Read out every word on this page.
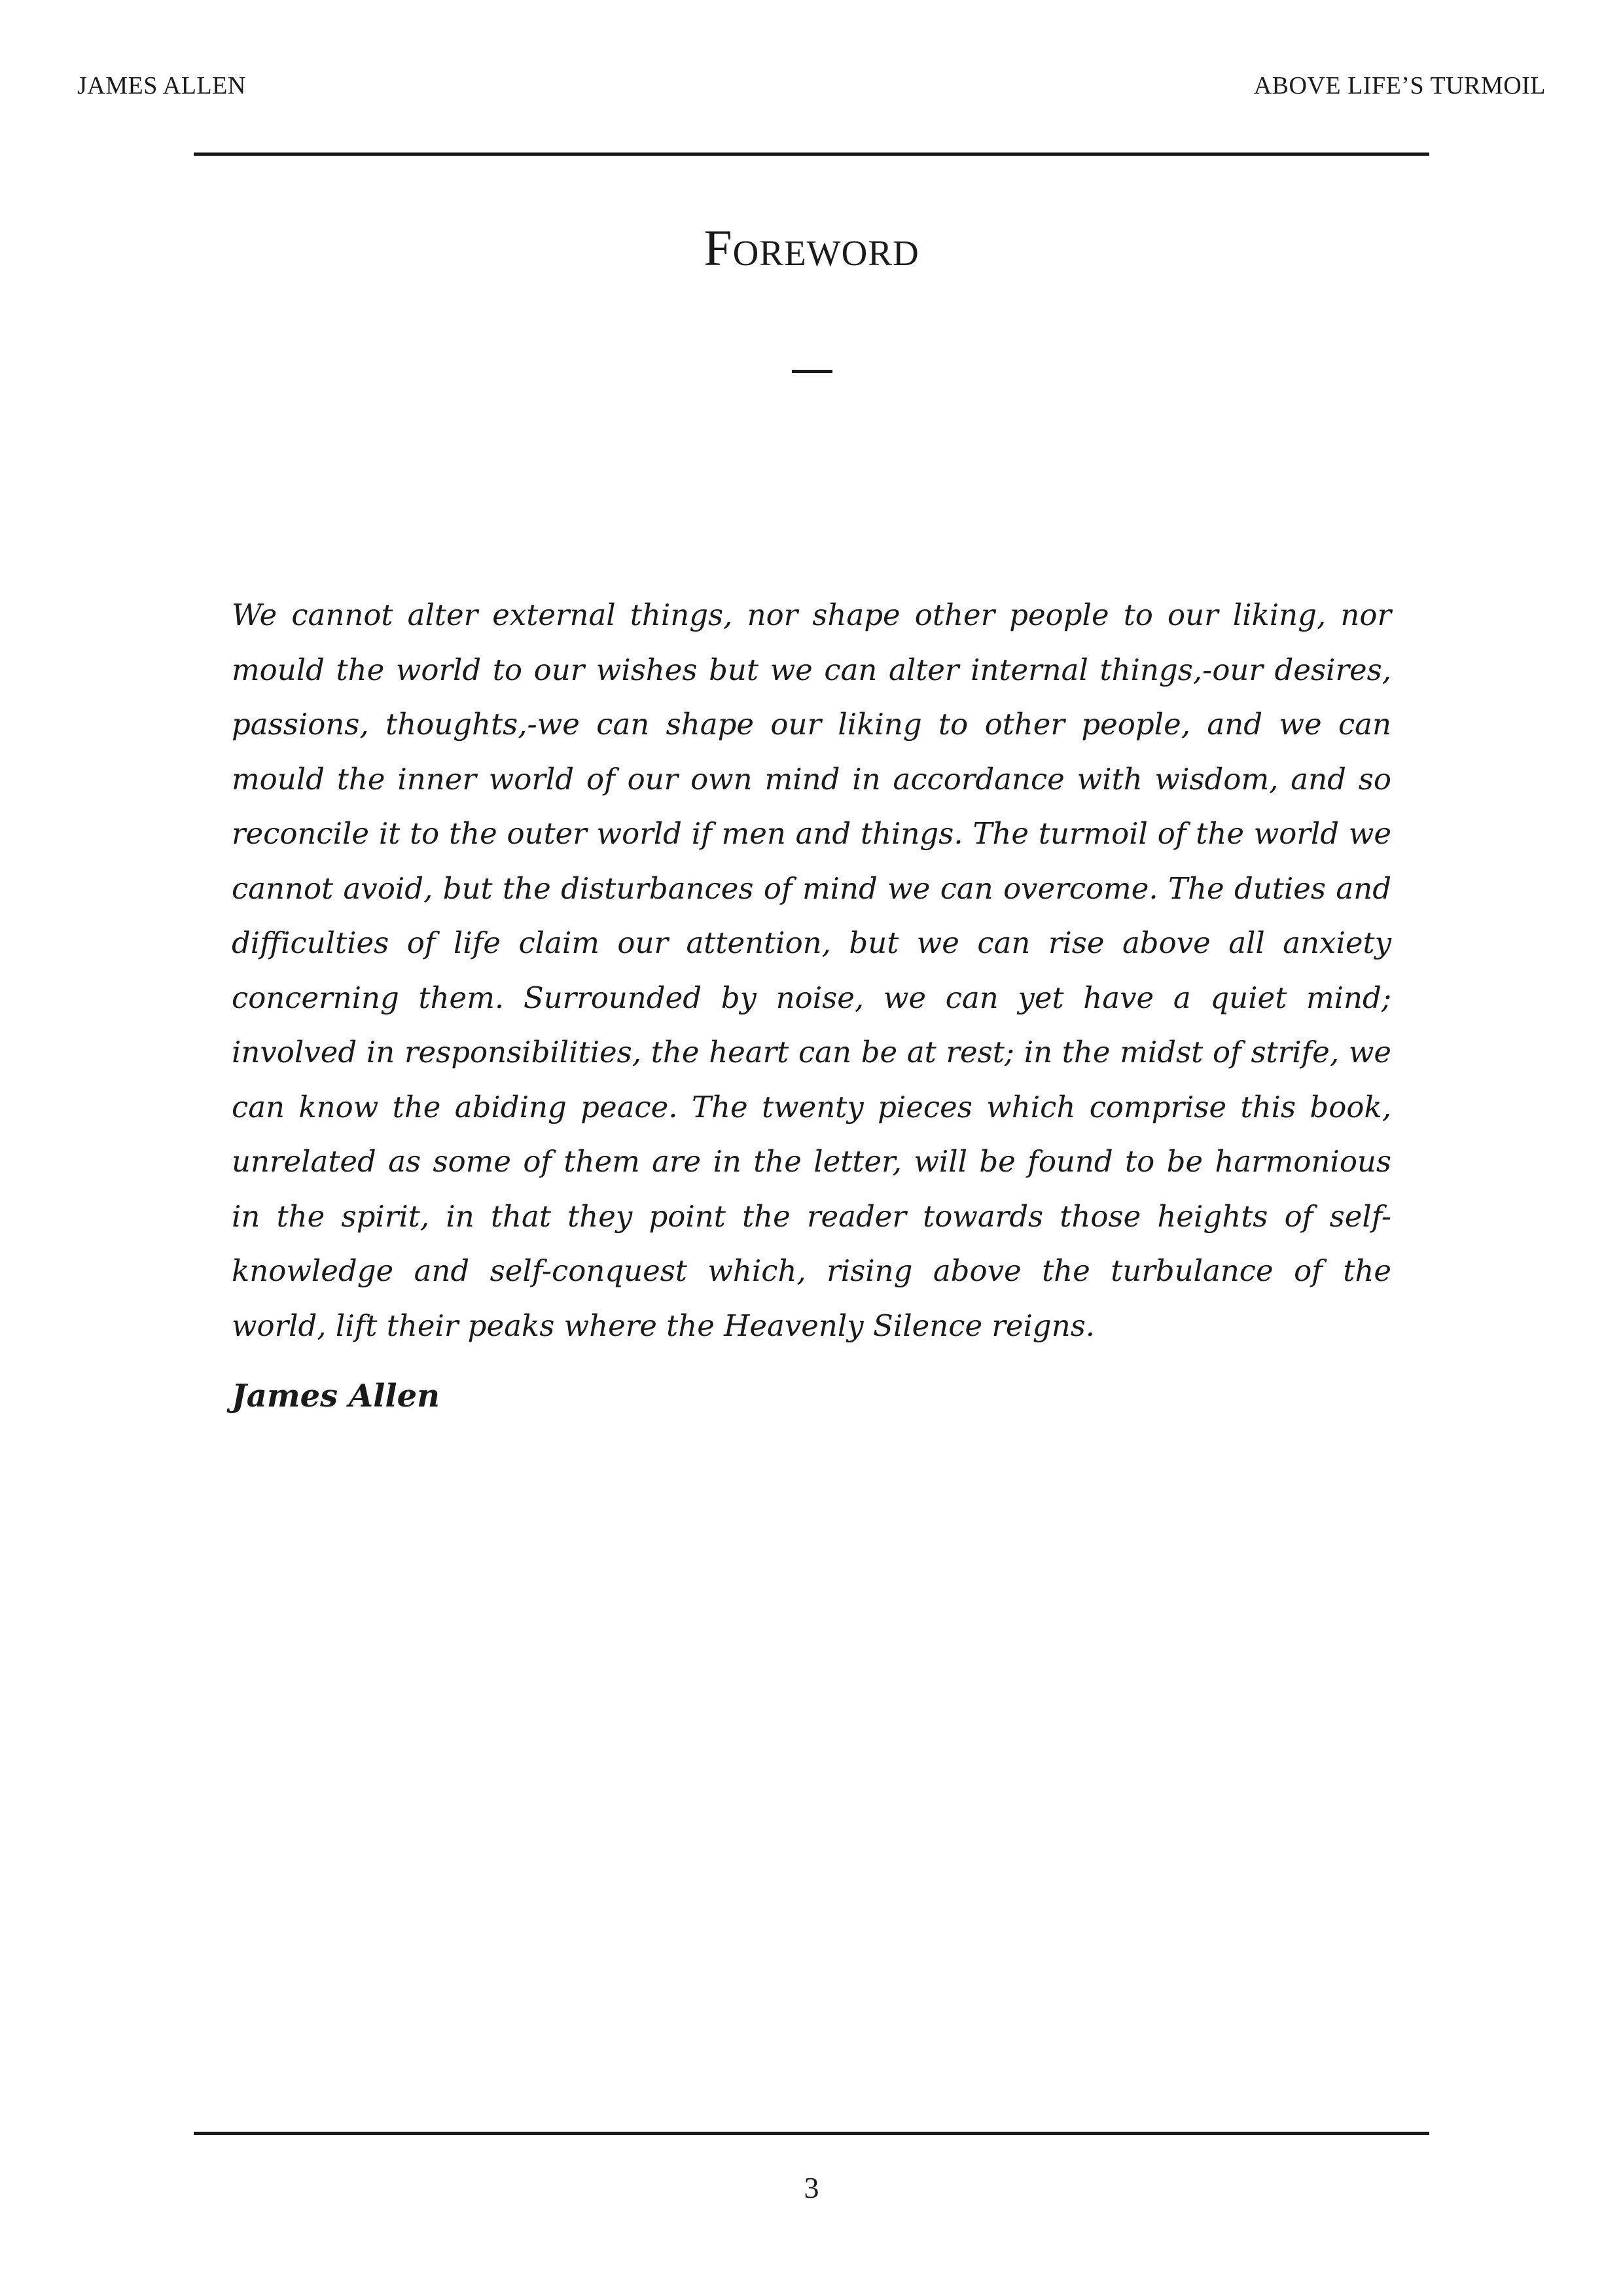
JAMES ALLEN	ABOVE LIFE’S TURMOIL
Foreword

We cannot alter external things, nor shape other people to our liking, nor mould the world to our wishes but we can alter internal things,-our desires, passions, thoughts,-we can shape our liking to other people, and we can mould the inner world of our own mind in accordance with wisdom, and so reconcile it to the outer world if men and things. The turmoil of the world we cannot avoid, but the disturbances of mind we can overcome. The duties and difficulties of life claim our attention, but we can rise above all anxiety concerning them. Surrounded by noise, we can yet have a quiet mind; involved in responsibilities, the heart can be at rest; in the midst of strife, we can know the abiding peace. The twenty pieces which comprise this book, unrelated as some of them are in the letter, will be found to be harmonious in the spirit, in that they point the reader towards those heights of self-knowledge and self-conquest which, rising above the turbulance of the world, lift their peaks where the Heavenly Silence reigns.

James Allen
3
